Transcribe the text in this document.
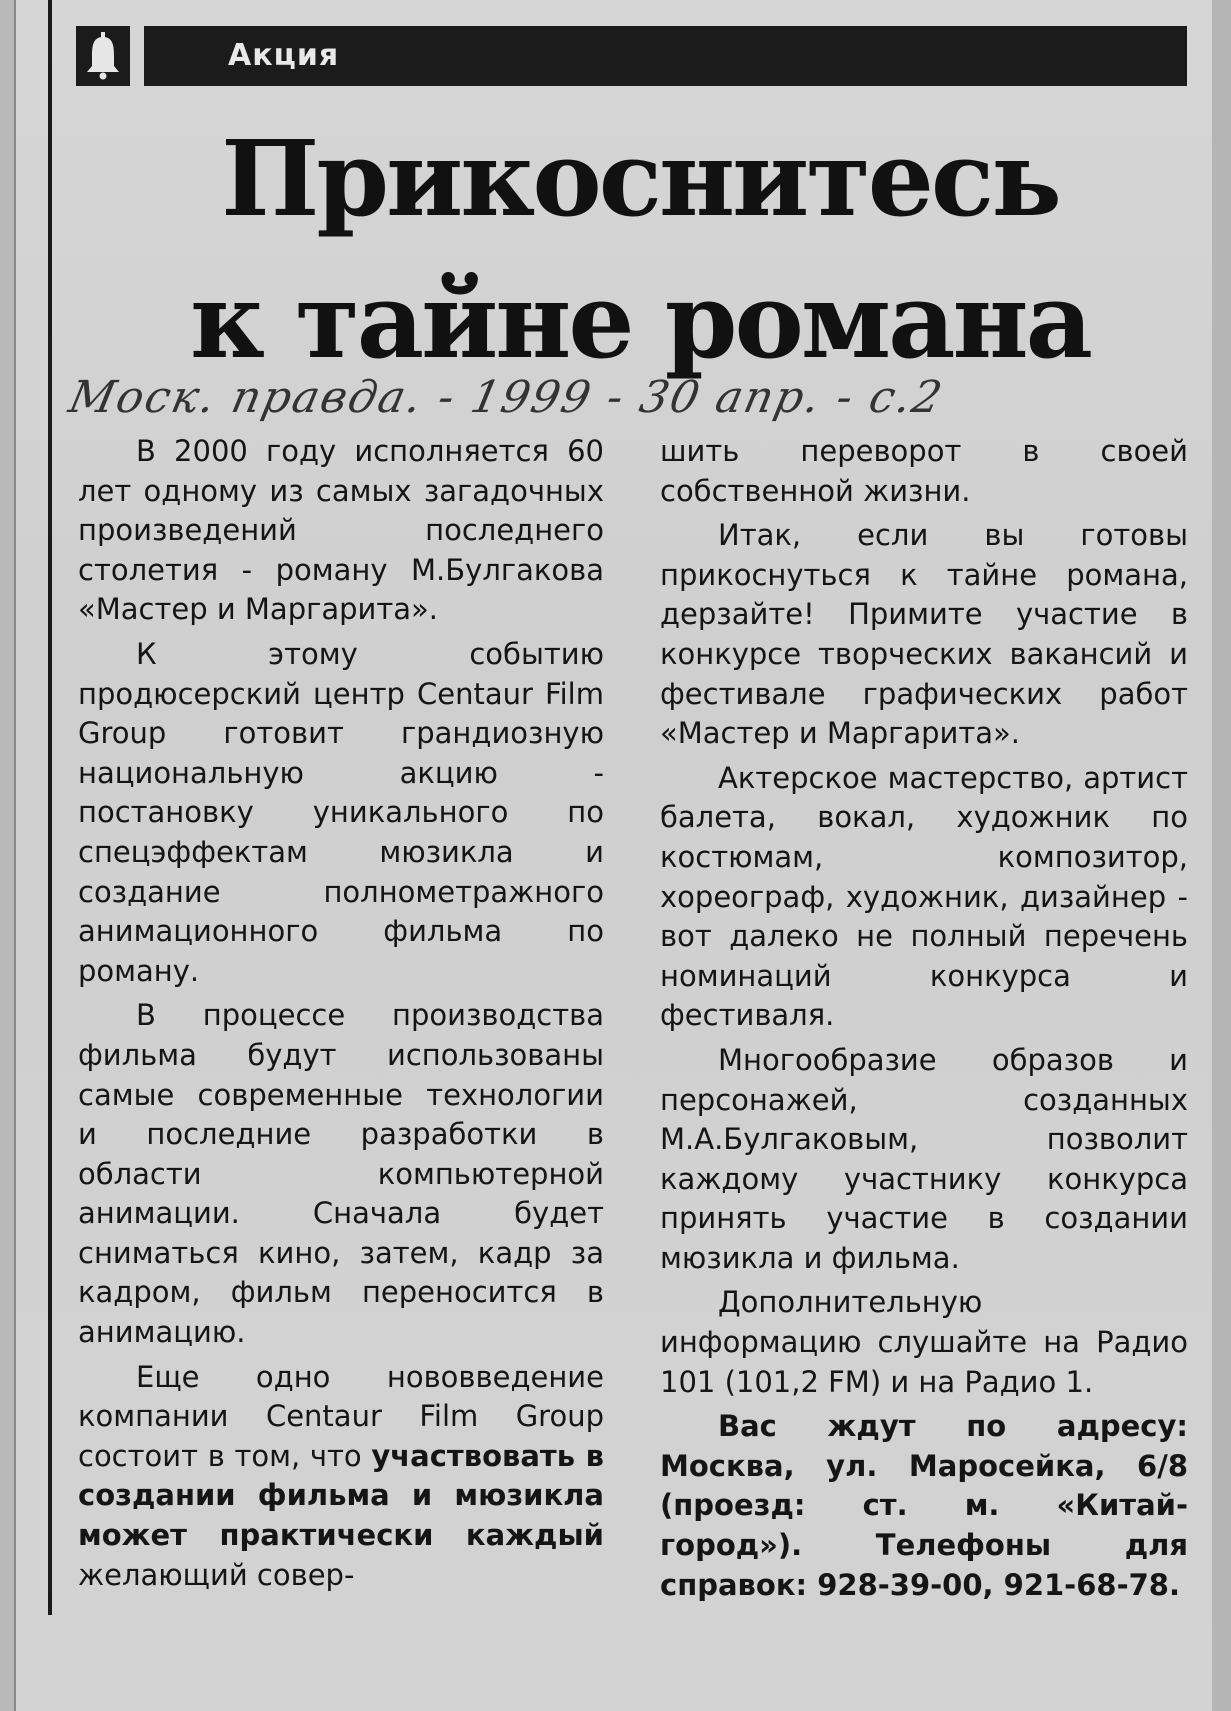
Акция
Прикоснитесь
к тайне романа
Моск. правда. - 1999 - 30 апр. - с.2

В 2000 году исполняется 60 лет одному из самых загадочных произведений последнего столетия - роману М.Булгакова «Мастер и Маргарита».

К этому событию продюсерский центр Centaur Film Group готовит грандиозную национальную акцию - постановку уникального по спецэффектам мюзикла и создание полнометражного анимационного фильма по роману.

В процессе производства фильма будут использованы самые современные технологии и последние разработки в области компьютерной анимации. Сначала будет сниматься кино, затем, кадр за кадром, фильм переносится в анимацию.

Еще одно нововведение компании Centaur Film Group состоит в том, что участвовать в создании фильма и мюзикла может практически каждый желающий совер-

шить переворот в своей собственной жизни.

Итак, если вы готовы прикоснуться к тайне романа, дерзайте! Примите участие в конкурсе творческих вакансий и фестивале графических работ «Мастер и Маргарита».

Актерское мастерство, артист балета, вокал, художник по костюмам, композитор, хореограф, художник, дизайнер - вот далеко не полный перечень номинаций конкурса и фестиваля.

Многообразие образов и персонажей, созданных М.А.Булгаковым, позволит каждому участнику конкурса принять участие в создании мюзикла и фильма.

Дополнительную информацию слушайте на Радио 101 (101,2 FM) и на Радио 1.

Вас ждут по адресу: Москва, ул. Маросейка, 6/8 (проезд: ст. м. «Китай-город»). Телефоны для справок: 928-39-00, 921-68-78.
